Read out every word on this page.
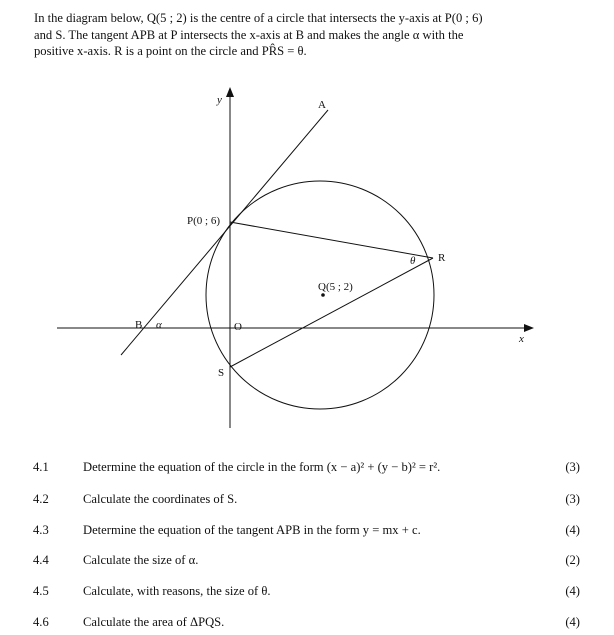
In the diagram below, Q(5 ; 2) is the centre of a circle that intersects the y-axis at P(0 ; 6)
and S. The tangent APB at P intersects the x-axis at B and makes the angle α with the
positive x-axis. R is a point on the circle and PR̂S = θ.
y
x
A
B α	O
P(0 ; 6)
R
θ
Q(5 ; 2)
S
4.1	Determine the equation of the circle in the form (x − a)² + (y − b)² = r².	(3)
4.2	Calculate the coordinates of S.	(3)
4.3	Determine the equation of the tangent APB in the form y = mx + c.	(4)
4.4	Calculate the size of α.	(2)
4.5	Calculate, with reasons, the size of θ.	(4)
4.6	Calculate the area of ΔPQS.	(4)
